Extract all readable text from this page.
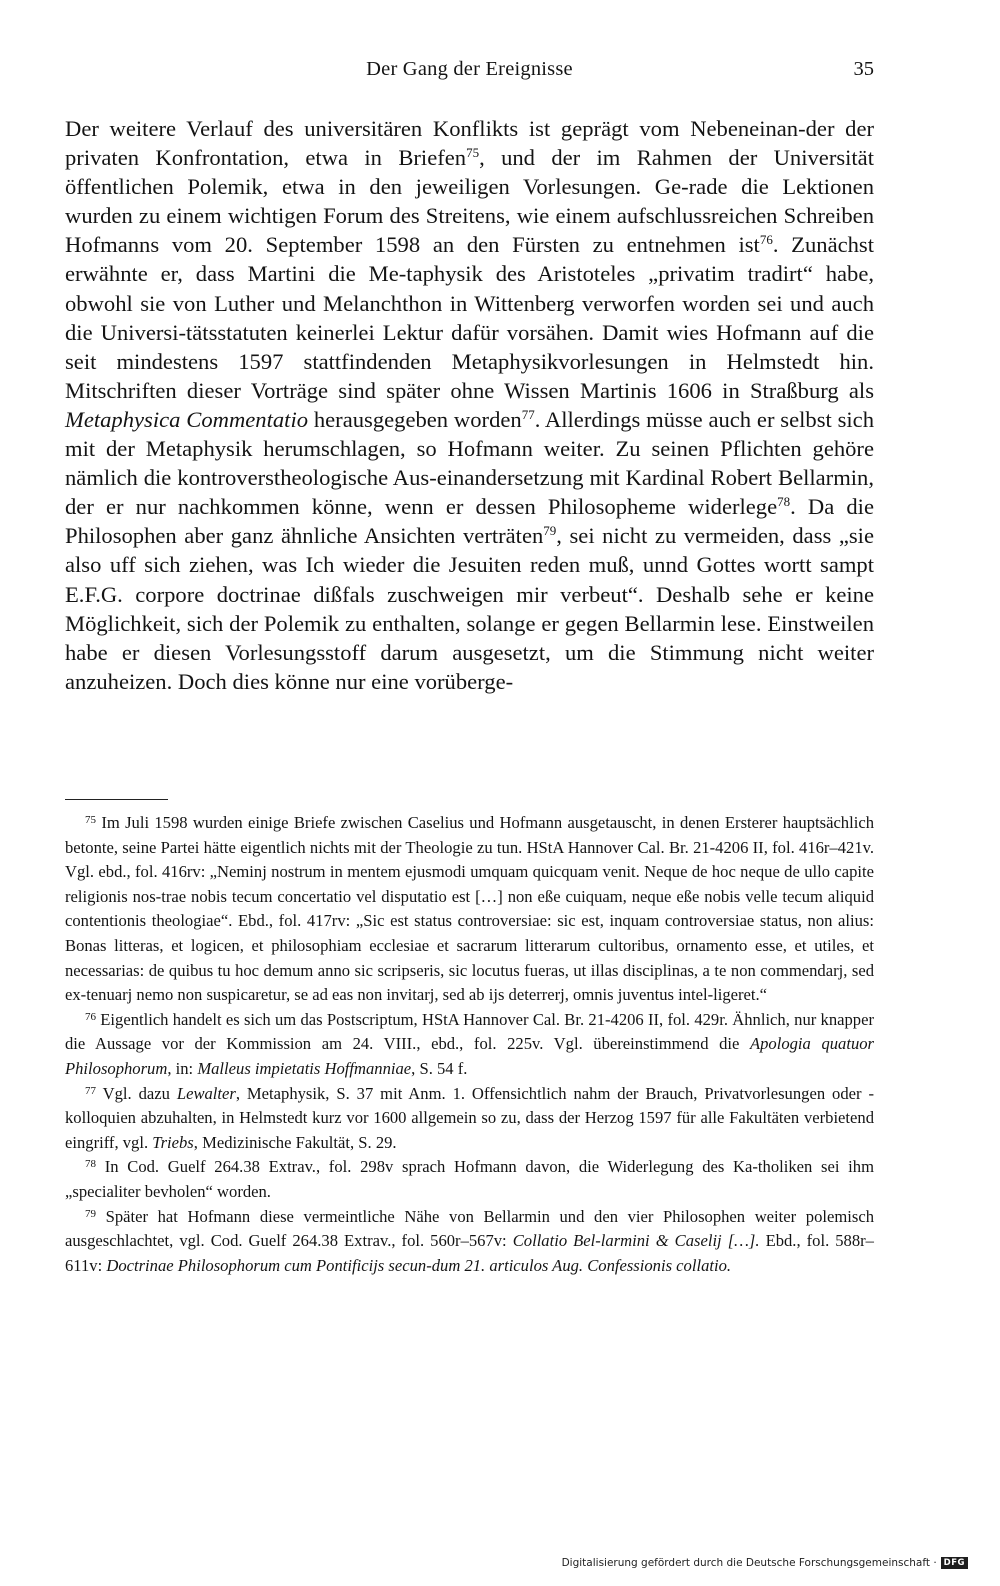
Der Gang der Ereignisse	35

Der weitere Verlauf des universitären Konflikts ist geprägt vom Nebeneinan-der der privaten Konfrontation, etwa in Briefen$^{75}$, und der im Rahmen der Universität öffentlichen Polemik, etwa in den jeweiligen Vorlesungen. Ge-rade die Lektionen wurden zu einem wichtigen Forum des Streitens, wie einem aufschlussreichen Schreiben Hofmanns vom 20. September 1598 an den Fürsten zu entnehmen ist$^{76}$. Zunächst erwähnte er, dass Martini die Me-taphysik des Aristoteles „privatim tradirt“ habe, obwohl sie von Luther und Melanchthon in Wittenberg verworfen worden sei und auch die Universi-tätsstatuten keinerlei Lektur dafür vorsähen. Damit wies Hofmann auf die seit mindestens 1597 stattfindenden Metaphysikvorlesungen in Helmstedt hin. Mitschriften dieser Vorträge sind später ohne Wissen Martinis 1606 in Straßburg als Metaphysica Commentatio herausgegeben worden$^{77}$. Allerdings müsse auch er selbst sich mit der Metaphysik herumschlagen, so Hofmann weiter. Zu seinen Pflichten gehöre nämlich die kontroverstheologische Aus-einandersetzung mit Kardinal Robert Bellarmin, der er nur nachkommen könne, wenn er dessen Philosopheme widerlege$^{78}$. Da die Philosophen aber ganz ähnliche Ansichten verträten$^{79}$, sei nicht zu vermeiden, dass „sie also uff sich ziehen, was Ich wieder die Jesuiten reden muß, unnd Gottes wortt sampt E.F.G. corpore doctrinae dißfals zuschweigen mir verbeut“. Deshalb sehe er keine Möglichkeit, sich der Polemik zu enthalten, solange er gegen Bellarmin lese. Einstweilen habe er diesen Vorlesungsstoff darum ausgesetzt, um die Stimmung nicht weiter anzuheizen. Doch dies könne nur eine vorüberge-

$^{75}$ Im Juli 1598 wurden einige Briefe zwischen Caselius und Hofmann ausgetauscht, in denen Ersterer hauptsächlich betonte, seine Partei hätte eigentlich nichts mit der Theologie zu tun. HStA Hannover Cal. Br. 21-4206 II, fol. 416r–421v. Vgl. ebd., fol. 416rv: „Neminj nostrum in mentem ejusmodi umquam quicquam venit. Neque de hoc neque de ullo capite religionis nos-trae nobis tecum concertatio vel disputatio est […] non eße cuiquam, neque eße nobis velle tecum aliquid contentionis theologiae“. Ebd., fol. 417rv: „Sic est status controversiae: sic est, inquam controversiae status, non alius: Bonas litteras, et logicen, et philosophiam ecclesiae et sacrarum litterarum cultoribus, ornamento esse, et utiles, et necessarias: de quibus tu hoc demum anno sic scripseris, sic locutus fueras, ut illas disciplinas, a te non commendarj, sed ex-tenuarj nemo non suspicaretur, se ad eas non invitarj, sed ab ijs deterrerj, omnis juventus intel-ligeret.“

$^{76}$ Eigentlich handelt es sich um das Postscriptum, HStA Hannover Cal. Br. 21-4206 II, fol. 429r. Ähnlich, nur knapper die Aussage vor der Kommission am 24. VIII., ebd., fol. 225v. Vgl. übereinstimmend die Apologia quatuor Philosophorum, in: Malleus impietatis Hoffmanniae, S. 54 f.

$^{77}$ Vgl. dazu Lewalter, Metaphysik, S. 37 mit Anm. 1. Offensichtlich nahm der Brauch, Privatvorlesungen oder -kolloquien abzuhalten, in Helmstedt kurz vor 1600 allgemein so zu, dass der Herzog 1597 für alle Fakultäten verbietend eingriff, vgl. Triebs, Medizinische Fakultät, S. 29.

$^{78}$ In Cod. Guelf 264.38 Extrav., fol. 298v sprach Hofmann davon, die Widerlegung des Ka-tholiken sei ihm „specialiter bevholen“ worden.

$^{79}$ Später hat Hofmann diese vermeintliche Nähe von Bellarmin und den vier Philosophen weiter polemisch ausgeschlachtet, vgl. Cod. Guelf 264.38 Extrav., fol. 560r–567v: Collatio Bel-larmini & Caselij […]. Ebd., fol. 588r–611v: Doctrinae Philosophorum cum Pontificijs secun-dum 21. articulos Aug. Confessionis collatio.

Digitalisierung gefördert durch die Deutsche Forschungsgemeinschaft · DFG
